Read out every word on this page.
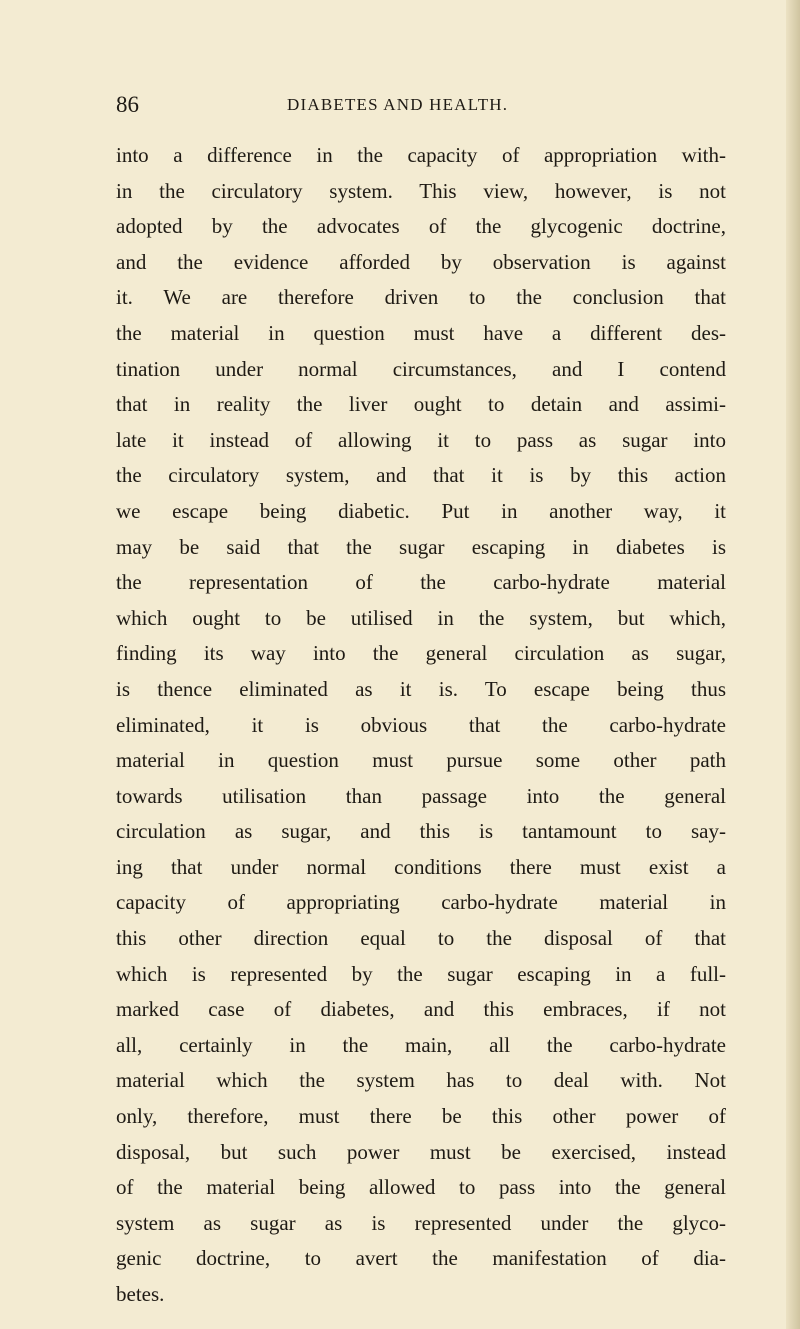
86	DIABETES AND HEALTH.
into a difference in the capacity of appropriation with-
in the circulatory system. This view, however, is not
adopted by the advocates of the glycogenic doctrine,
and the evidence afforded by observation is against
it. We are therefore driven to the conclusion that
the material in question must have a different des-
tination under normal circumstances, and I contend
that in reality the liver ought to detain and assimi-
late it instead of allowing it to pass as sugar into
the circulatory system, and that it is by this action
we escape being diabetic. Put in another way, it
may be said that the sugar escaping in diabetes is
the representation of the carbo-hydrate material
which ought to be utilised in the system, but which,
finding its way into the general circulation as sugar,
is thence eliminated as it is. To escape being thus
eliminated, it is obvious that the carbo-hydrate
material in question must pursue some other path
towards utilisation than passage into the general
circulation as sugar, and this is tantamount to say-
ing that under normal conditions there must exist a
capacity of appropriating carbo-hydrate material in
this other direction equal to the disposal of that
which is represented by the sugar escaping in a full-
marked case of diabetes, and this embraces, if not
all, certainly in the main, all the carbo-hydrate
material which the system has to deal with. Not
only, therefore, must there be this other power of
disposal, but such power must be exercised, instead
of the material being allowed to pass into the general
system as sugar as is represented under the glyco-
genic doctrine, to avert the manifestation of dia-
betes.
